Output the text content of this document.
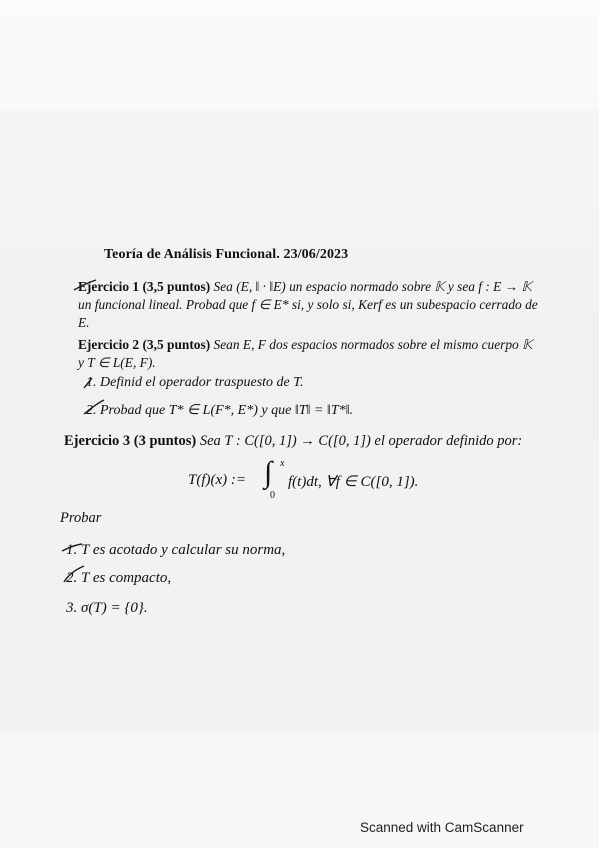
Teoría de Análisis Funcional. 23/06/2023
Ejercicio 1 (3,5 puntos) Sea (E, ‖ · ‖E) un espacio normado sobre 𝕂 y sea f : E → 𝕂 un funcional lineal. Probad que f ∈ E* si, y solo si, Kerf es un subespacio cerrado de E.
Ejercicio 2 (3,5 puntos) Sean E, F dos espacios normados sobre el mismo cuerpo 𝕂 y T ∈ L(E, F).
1. Definid el operador traspuesto de T.
2. Probad que T* ∈ L(F*, E*) y que ‖T‖ = ‖T*‖.
Ejercicio 3 (3 puntos) Sea T : C([0, 1]) → C([0, 1]) el operador definido por:
T(f)(x) := ∫ x
0
f(t)dt, ∀f ∈ C([0, 1]).
Probar
1. T es acotado y calcular su norma,
2. T es compacto,
3. σ(T) = {0}.
Scanned with CamScanner
